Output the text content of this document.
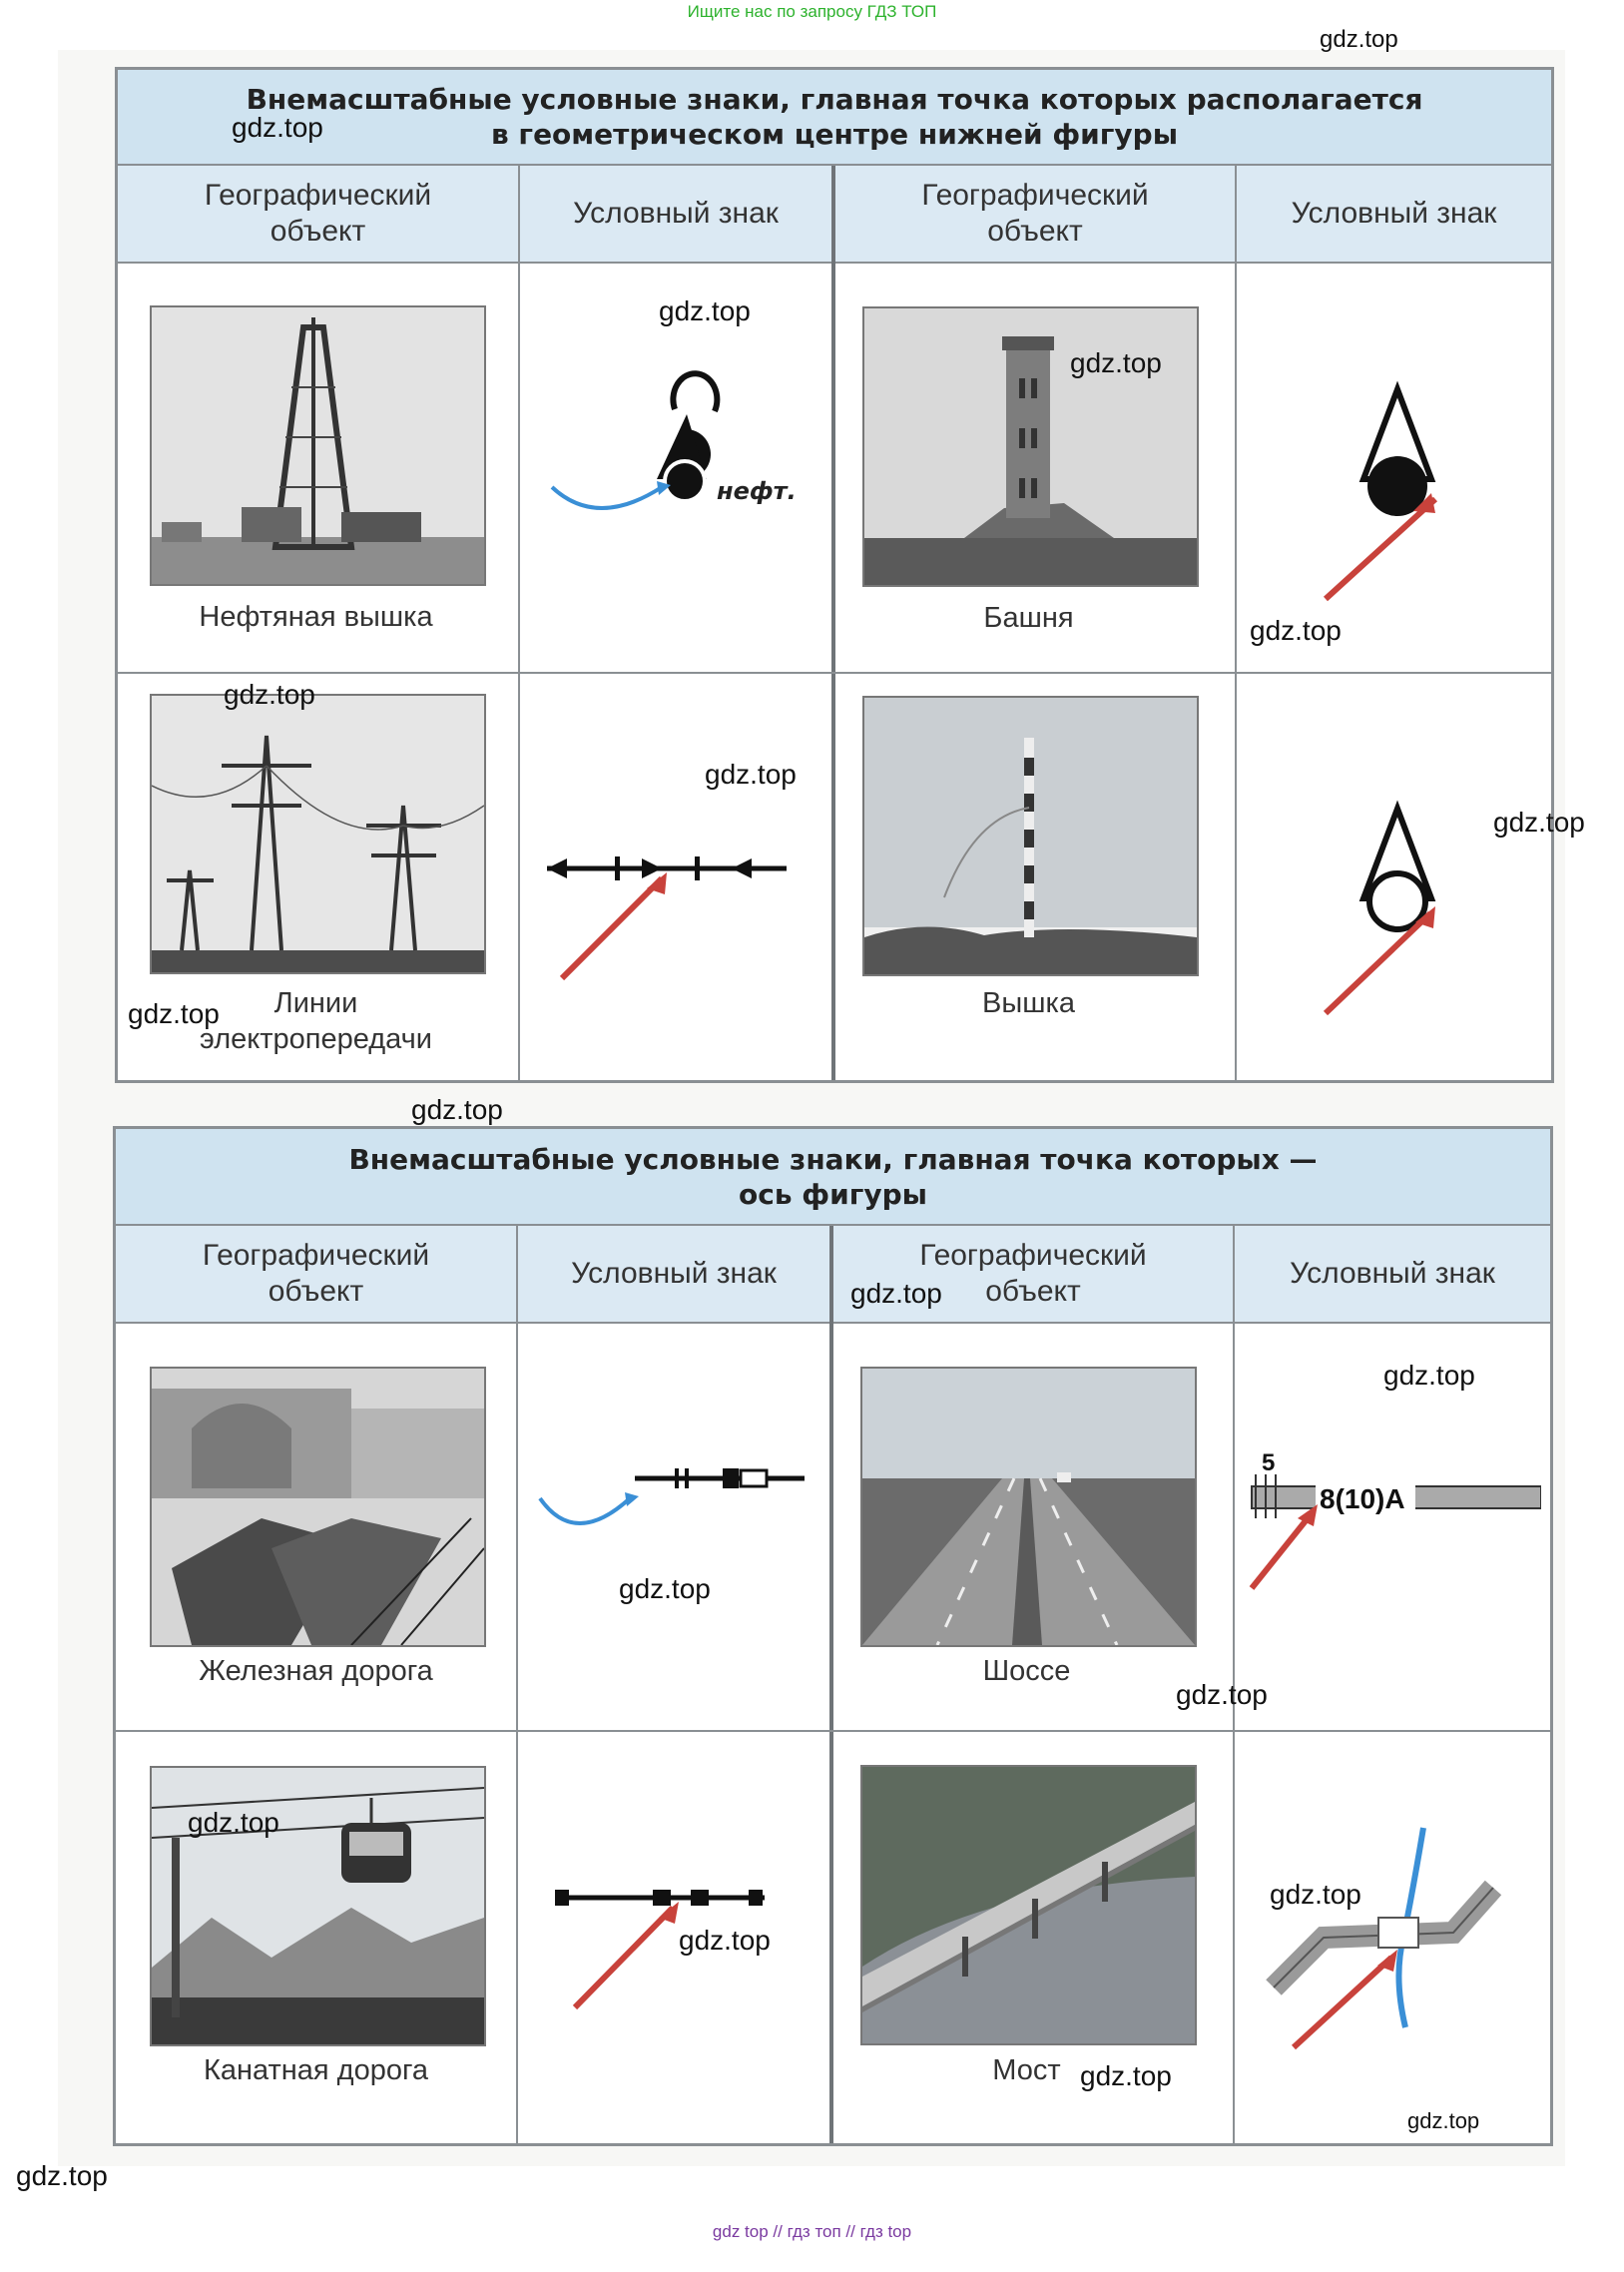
Ищите нас по запросу ГДЗ ТОП
Внемасштабные условные знаки, главная точка которых располагается
в геометрическом центре нижней фигуры
Географический
объект
Условный знак
Географический
объект
Условный знак
Нефтяная вышка
нефт.
Башня
Линии
электропередачи
Вышка
Внемасштабные условные знаки, главная точка которых —
ось фигуры
Географический
объект
Условный знак
Географический
объект
Условный знак
Железная дорога	Шоссе
5
8(10)А
Канатная дорога	Мост
gdz.top
gdz.top
gdz.top
gdz.top
gdz.top
gdz.top
gdz.top
gdz.top
gdz.top
gdz.top
gdz.top
gdz.top
gdz.top
gdz.top
gdz.top
gdz.top
gdz.top
gdz.top
gdz.top
gdz.top
gdz top // гдз топ // гдз top
